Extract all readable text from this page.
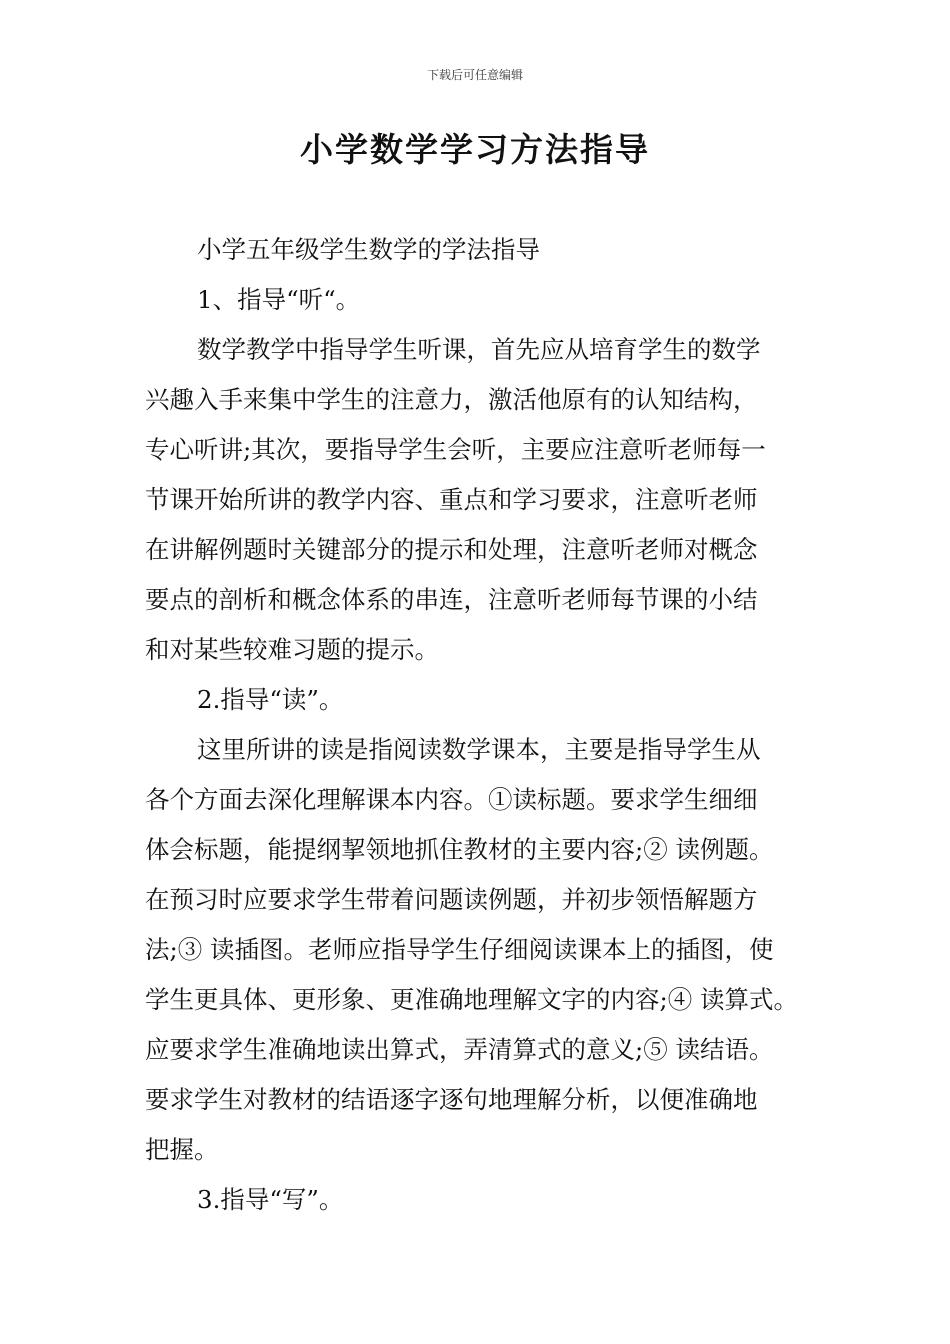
下载后可任意编辑
小学数学学习方法指导
小学五年级学生数学的学法指导
1、指导“听“。
数学教学中指导学生听课，首先应从培育学生的数学
兴趣入手来集中学生的注意力，激活他原有的认知结构，
专心听讲;其次，要指导学生会听，主要应注意听老师每一
节课开始所讲的教学内容、重点和学习要求，注意听老师
在讲解例题时关键部分的提示和处理，注意听老师对概念
要点的剖析和概念体系的串连，注意听老师每节课的小结
和对某些较难习题的提示。
2.指导“读”。
这里所讲的读是指阅读数学课本，主要是指导学生从
各个方面去深化理解课本内容。①读标题。要求学生细细
体会标题，能提纲挈领地抓住教材的主要内容;② 读例题。
在预习时应要求学生带着问题读例题，并初步领悟解题方
法;③ 读插图。老师应指导学生仔细阅读课本上的插图，使
学生更具体、更形象、更准确地理解文字的内容;④ 读算式。
应要求学生准确地读出算式，弄清算式的意义;⑤ 读结语。
要求学生对教材的结语逐字逐句地理解分析，以便准确地
把握。
3.指导“写”。
